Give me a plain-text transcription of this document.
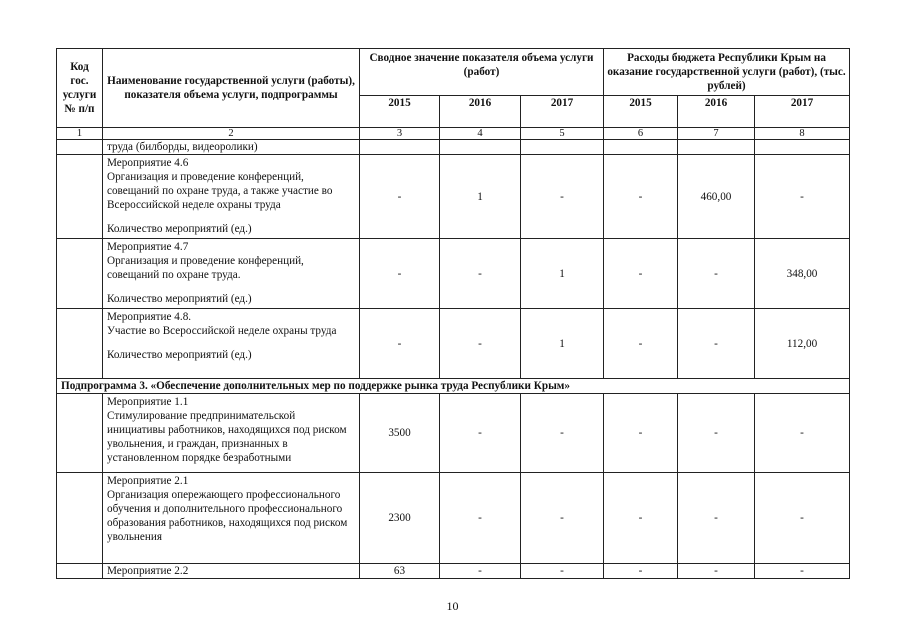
Код гос. услуги № п/п	Наименование государственной услуги (работы), показателя объема услуги, подпрограммы	Сводное значение показателя объема услуги (работ)			Расходы бюджета Республики Крым на оказание государственной услуги (работ), (тыс. рублей)		
		2015	2016	2017	2015	2016	2017
1	2	3	4	5	6	7	8
	труда (билборды, видеоролики)						

	Мероприятие 4.6
Организация и проведение конференций, совещаний по охране труда, а также участие во Всероссийской неделе охраны труда
Количество мероприятий (ед.)	-	1	-	-	460,00	-

	Мероприятие 4.7
Организация и проведение конференций, совещаний по охране труда.
Количество мероприятий (ед.)	-	-	1	-	-	348,00

	Мероприятие 4.8.
Участие во Всероссийской неделе охраны труда
Количество мероприятий (ед.)	-	-	1	-	-	112,00
Подпрограмма 3. «Обеспечение дополнительных мер по поддержке рынка труда Республики Крым»							

	Мероприятие 1.1
Стимулирование предпринимательской инициативы работников, находящихся под риском увольнения, и граждан, признанных в установленном порядке безработными	3500	-	-	-	-	-

	Мероприятие 2.1
Организация опережающего профессионального обучения и дополнительного профессионального образования работников, находящихся под риском увольнения	2300	-	-	-	-	-

	Мероприятие 2.2	63	-	-	-	-	-
10
